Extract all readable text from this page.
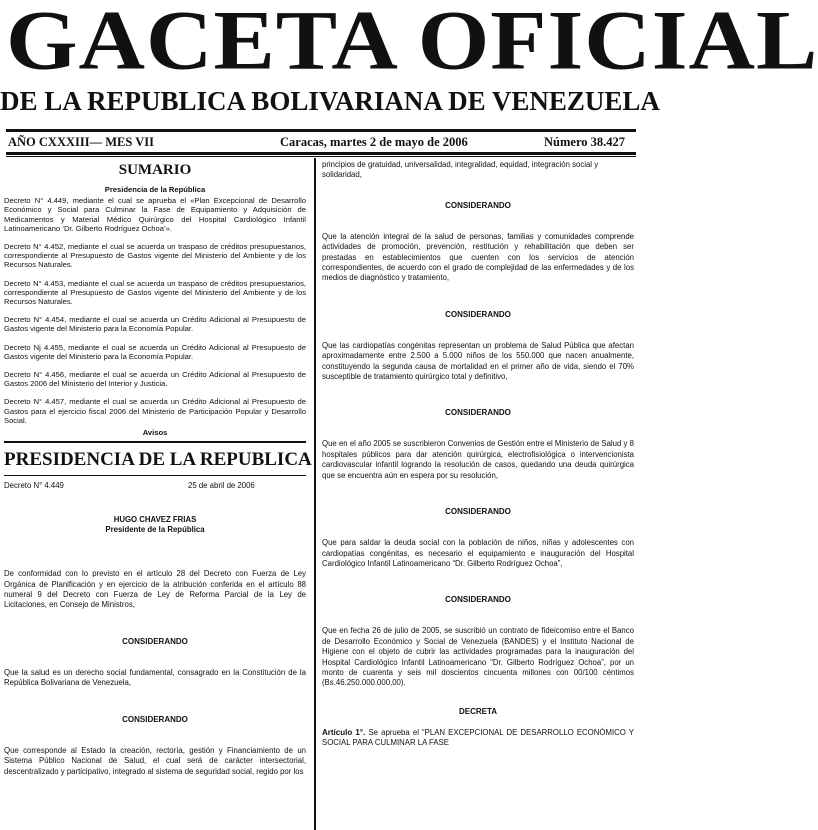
GACETA OFICIAL
DE LA REPUBLICA BOLIVARIANA DE VENEZUELA
AÑO CXXXIII— MES VII	Caracas, martes 2 de mayo de 2006	Número 38.427
SUMARIO
Presidencia de la República
Decreto N° 4.449, mediante el cual se aprueba el «Plan Excepcional de Desarrollo Económico y Social para Culminar la Fase de Equipamiento y Adquisición de Medicamentos y Material Médico Quirúrgico del Hospital Cardiológico Infantil Latinoamericano ‘Dr. Gilberto Rodríguez Ochoa’».
Decreto N° 4.452, mediante el cual se acuerda un traspaso de créditos presupuestarios, correspondiente al Presupuesto de Gastos vigente del Ministerio del Ambiente y de los Recursos Naturales.
Decreto N° 4.453, mediante el cual se acuerda un traspaso de créditos presupuestarios, correspondiente al Presupuesto de Gastos vigente del Ministerio del Ambiente y de los Recursos Naturales.
Decreto N° 4.454, mediante el cual se acuerda un Crédito Adicional al Presupuesto de Gastos vigente del Ministerio para la Economía Popular.
Decreto Nj 4.455, mediante el cual se acuerda un Crédito Adicional al Presupuesto de Gastos vigente del Ministerio para la Economía Popular.
Decreto N° 4.456, mediante el cual se acuerda un Crédito Adicional al Presupuesto de Gastos 2006 del Ministerio del Interior y Justicia.
Decreto N° 4.457, mediante el cual se acuerda un Crédito Adicional al Presupuesto de Gastos para el ejercicio fiscal 2006 del Ministerio de Participación Popular y Desarrollo Social.
Avisos
PRESIDENCIA DE LA REPUBLICA
Decreto N° 4.449	25 de abril de 2006
HUGO CHAVEZ FRIAS
Presidente de la República
De conformidad con lo previsto en el artículo 28 del Decreto con Fuerza de Ley Orgánica de Planificación y en ejercicio de la atribución conferida en el artículo 88 numeral 9 del Decreto con Fuerza de Ley de Reforma Parcial de la Ley de Licitaciones, en Consejo de Ministros,
CONSIDERANDO
Que la salud es un derecho social fundamental, consagrado en la Constitución de la República Bolivariana de Venezuela,
CONSIDERANDO
Que corresponde al Estado la creación, rectoría, gestión y Financiamiento de un Sistema Público Nacional de Salud, el cual será de carácter intersectorial, descentralizado y participativo, integrado al sistema de seguridad social, regido por los
principios de gratuidad, universalidad, integralidad, equidad, integración social y solidaridad,
CONSIDERANDO
Que la atención integral de la salud de personas, familias y comunidades comprende actividades de promoción, prevención, restitución y rehabilitación que deben ser prestadas en establecimientos que cuenten con los servicios de atención correspondientes, de acuerdo con el grado de complejidad de las enfermedades y de los medios de diagnóstico y tratamiento,
CONSIDERANDO
Que las cardiopatías congénitas representan un problema de Salud Pública que afectan aproximadamente entre 2.500 a 5.000 niños de los 550.000 que nacen anualmente, constituyendo la segunda causa de mortalidad en el primer año de vida, siendo el 70% susceptible de tratamiento quirúrgico total y definitivo,
CONSIDERANDO
Que en el año 2005 se suscribieron Convenios de Gestión entre el Ministerio de Salud y 8 hospitales públicos para dar atención quirúrgica, electrofisiológica o intervencionista cardiovascular infantil logrando la resolución de casos, quedando una deuda quirúrgica que se encuentra aún en espera por su resolución,
CONSIDERANDO
Que para saldar la deuda social con la población de niños, niñas y adolescentes con cardiopatías congénitas, es necesario el equipamiento e inauguración del Hospital Cardiológico Infantil Latinoamericano “Dr. Gilberto Rodríguez Ochoa”,
CONSIDERANDO
Que en fecha 26 de julio de 2005, se suscribió un contrato de fideicomiso entre el Banco de Desarrollo Económico y Social de Venezuela (BANDES) y el Instituto Nacional de Higiene con el objeto de cubrir las actividades programadas para la inauguración del Hospital Cardiológico Infantil Latinoamericano “Dr. Gilberto Rodríguez Ochoa”, por un monto de cuarenta y seis mil doscientos cincuenta millones con 00/100 céntimos (Bs.46.250.000.000,00).
DECRETA
Artículo 1°. Se aprueba el “PLAN EXCEPCIONAL DE DESARROLLO ECONÓMICO Y SOCIAL PARA CULMINAR LA FASE
